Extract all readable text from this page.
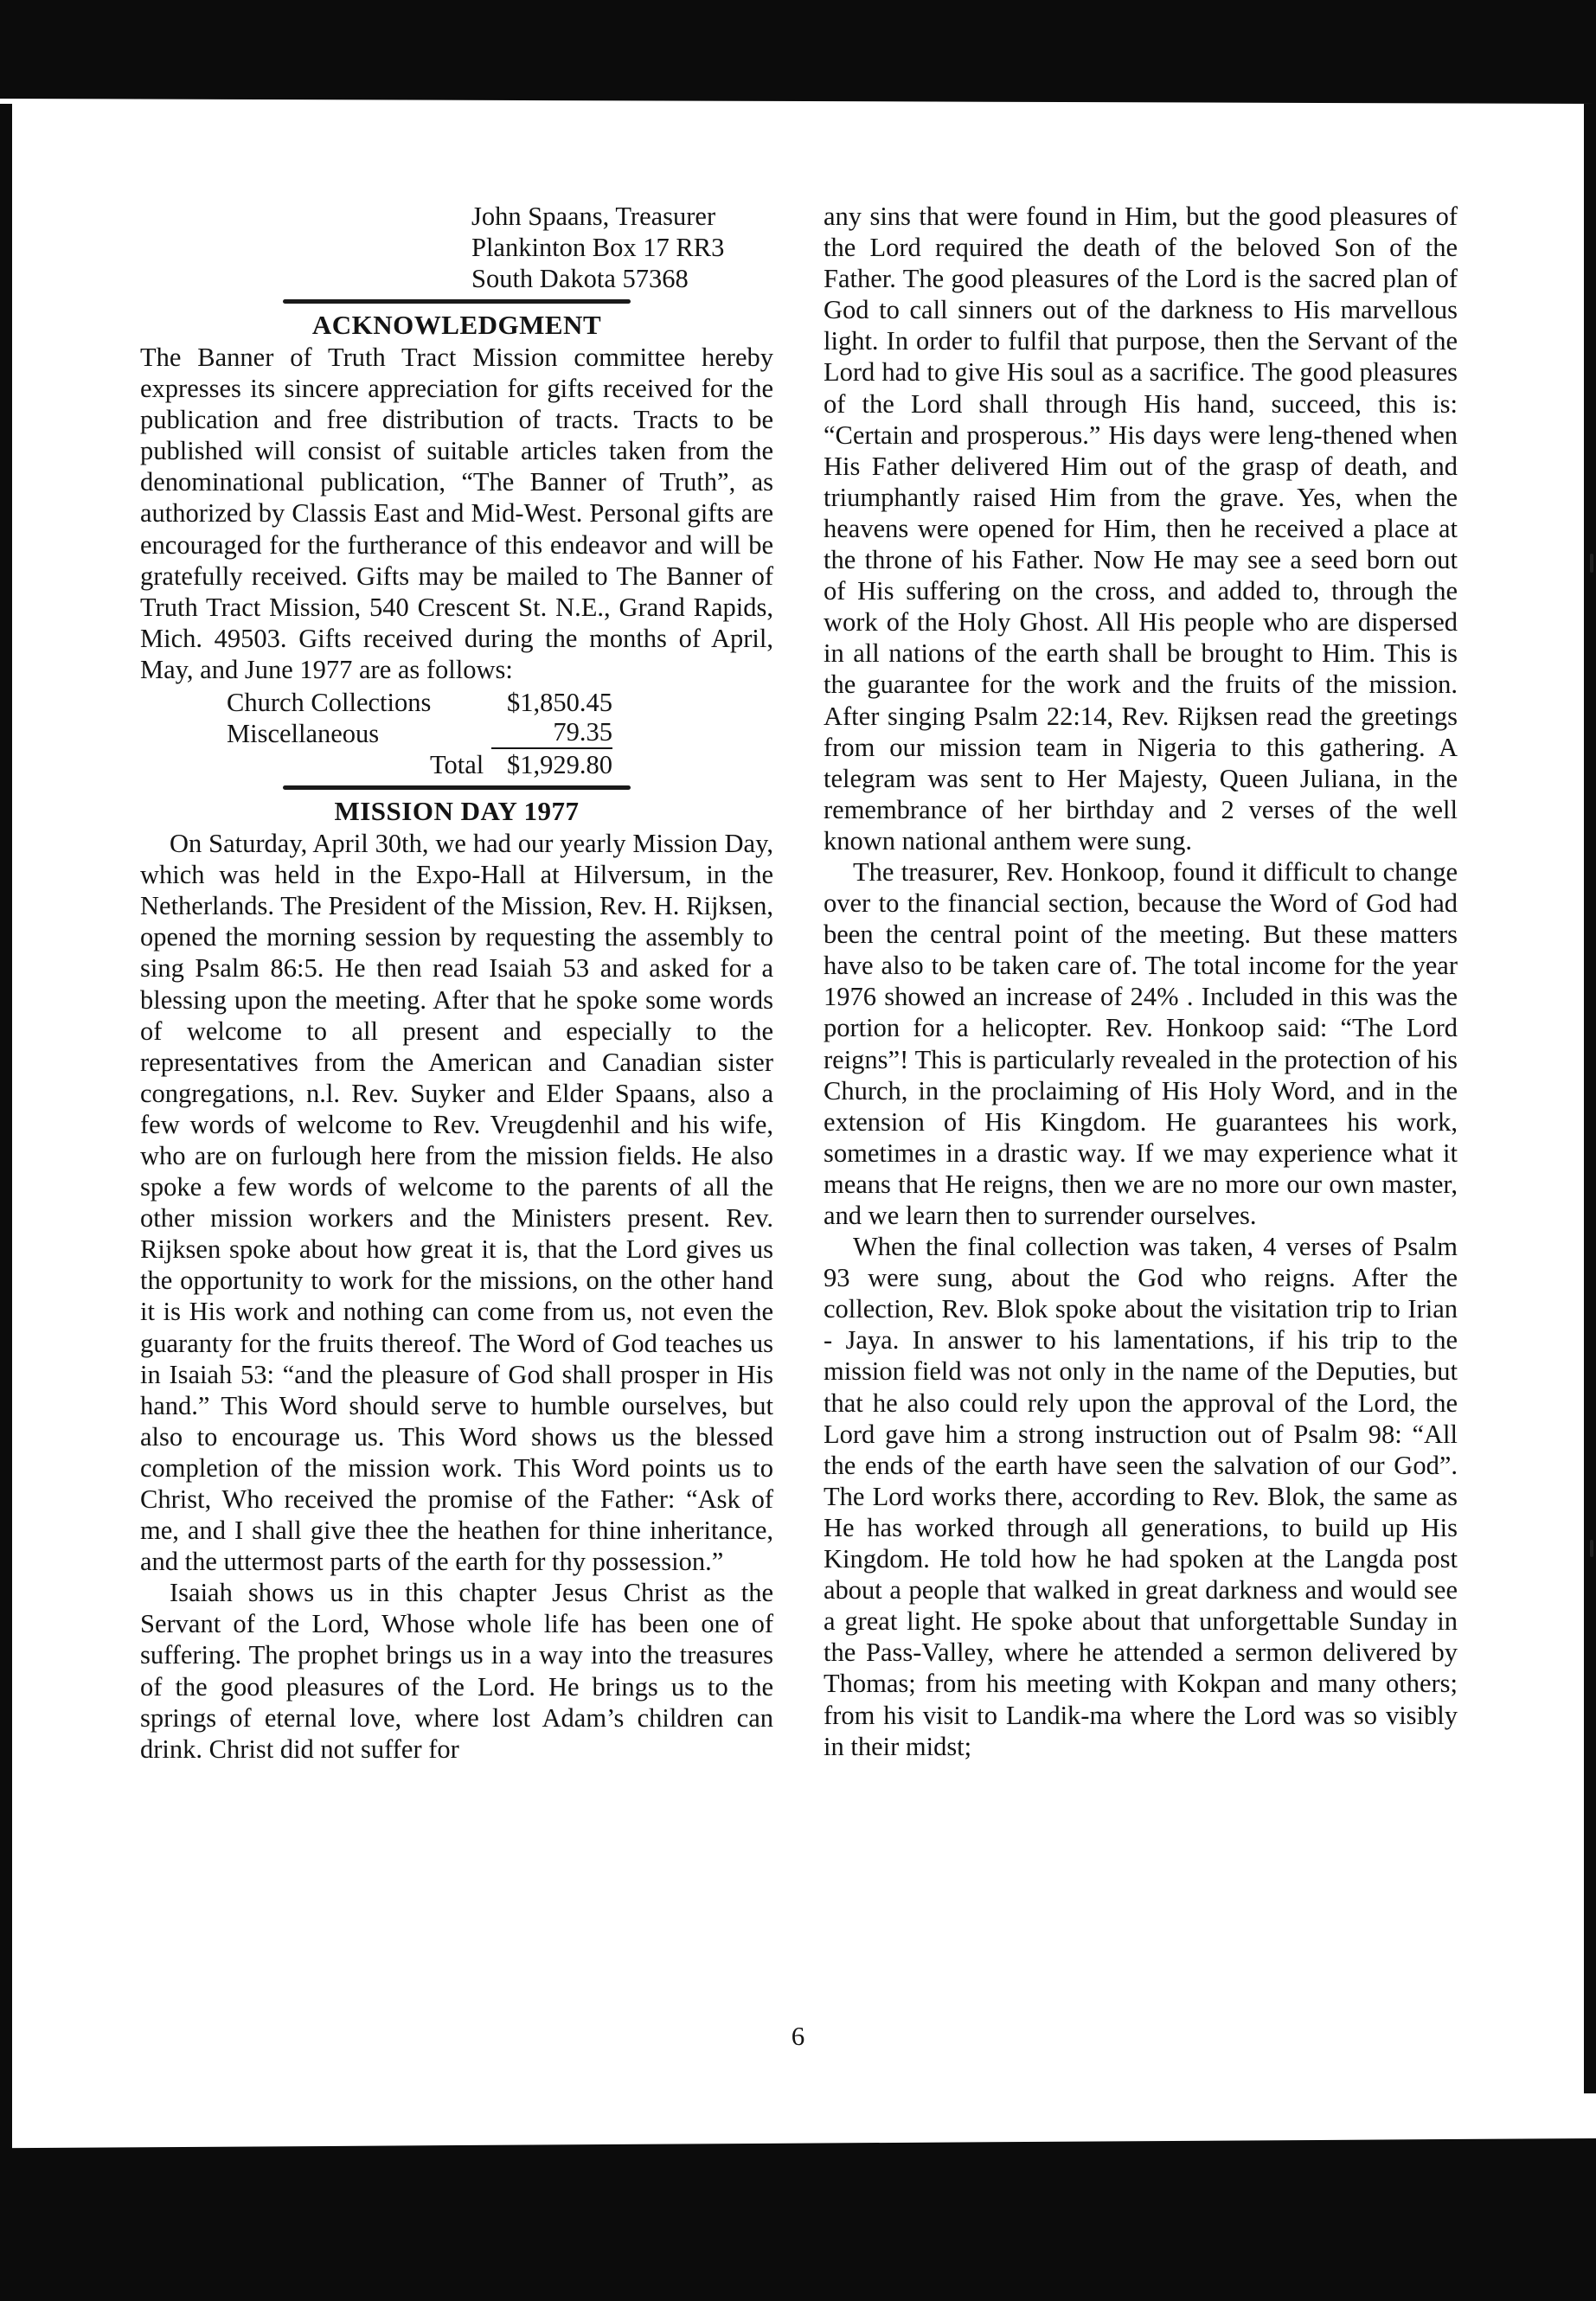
John Spaans, Treasurer
Plankinton Box 17 RR3
South Dakota 57368
ACKNOWLEDGMENT

The Banner of Truth Tract Mission committee hereby expresses its sincere appreciation for gifts received for the publication and free distribution of tracts. Tracts to be published will consist of suitable articles taken from the denominational publication, “The Banner of Truth”, as authorized by Classis East and Mid-West. Personal gifts are encouraged for the furtherance of this endeavor and will be gratefully received. Gifts may be mailed to The Banner of Truth Tract Mission, 540 Crescent St. N.E., Grand Rapids, Mich. 49503. Gifts received during the months of April, May, and June 1977 are as follows:

Church Collections	$1,850.45
Miscellaneous	79.35
Total $1,929.80
MISSION DAY 1977

On Saturday, April 30th, we had our yearly Mission Day, which was held in the Expo-Hall at Hilversum, in the Netherlands. The President of the Mission, Rev. H. Rijksen, opened the morning session by requesting the assembly to sing Psalm 86:5. He then read Isaiah 53 and asked for a blessing upon the meeting. After that he spoke some words of welcome to all present and especially to the representatives from the American and Canadian sister congregations, n.l. Rev. Suyker and Elder Spaans, also a few words of welcome to Rev. Vreugdenhil and his wife, who are on furlough here from the mission fields. He also spoke a few words of welcome to the parents of all the other mission workers and the Ministers present. Rev. Rijksen spoke about how great it is, that the Lord gives us the opportunity to work for the missions, on the other hand it is His work and nothing can come from us, not even the guaranty for the fruits thereof. The Word of God teaches us in Isaiah 53: “and the pleasure of God shall prosper in His hand.” This Word should serve to humble ourselves, but also to encourage us. This Word shows us the blessed completion of the mission work. This Word points us to Christ, Who received the promise of the Father: “Ask of me, and I shall give thee the heathen for thine inheritance, and the uttermost parts of the earth for thy possession.”

Isaiah shows us in this chapter Jesus Christ as the Servant of the Lord, Whose whole life has been one of suffering. The prophet brings us in a way into the treasures of the good pleasures of the Lord. He brings us to the springs of eternal love, where lost Adam’s children can drink. Christ did not suffer for

any sins that were found in Him, but the good pleasures of the Lord required the death of the beloved Son of the Father. The good pleasures of the Lord is the sacred plan of God to call sinners out of the darkness to His marvellous light. In order to fulfil that purpose, then the Servant of the Lord had to give His soul as a sacrifice. The good pleasures of the Lord shall through His hand, succeed, this is: “Certain and prosperous.” His days were leng-thened when His Father delivered Him out of the grasp of death, and triumphantly raised Him from the grave. Yes, when the heavens were opened for Him, then he received a place at the throne of his Father. Now He may see a seed born out of His suffering on the cross, and added to, through the work of the Holy Ghost. All His people who are dispersed in all nations of the earth shall be brought to Him. This is the guarantee for the work and the fruits of the mission. After singing Psalm 22:14, Rev. Rijksen read the greetings from our mission team in Nigeria to this gathering. A telegram was sent to Her Majesty, Queen Juliana, in the remembrance of her birthday and 2 verses of the well known national anthem were sung.

The treasurer, Rev. Honkoop, found it difficult to change over to the financial section, because the Word of God had been the central point of the meeting. But these matters have also to be taken care of. The total income for the year 1976 showed an increase of 24% . Included in this was the portion for a helicopter. Rev. Honkoop said: “The Lord reigns”! This is particularly revealed in the protection of his Church, in the proclaiming of His Holy Word, and in the extension of His Kingdom. He guarantees his work, sometimes in a drastic way. If we may experience what it means that He reigns, then we are no more our own master, and we learn then to surrender ourselves.

When the final collection was taken, 4 verses of Psalm 93 were sung, about the God who reigns. After the collection, Rev. Blok spoke about the visitation trip to Irian - Jaya. In answer to his lamentations, if his trip to the mission field was not only in the name of the Deputies, but that he also could rely upon the approval of the Lord, the Lord gave him a strong instruction out of Psalm 98: “All the ends of the earth have seen the salvation of our God”. The Lord works there, according to Rev. Blok, the same as He has worked through all generations, to build up His Kingdom. He told how he had spoken at the Langda post about a people that walked in great darkness and would see a great light. He spoke about that unforgettable Sunday in the Pass-Valley, where he attended a sermon delivered by Thomas; from his meeting with Kokpan and many others; from his visit to Landik-ma where the Lord was so visibly in their midst;

6
